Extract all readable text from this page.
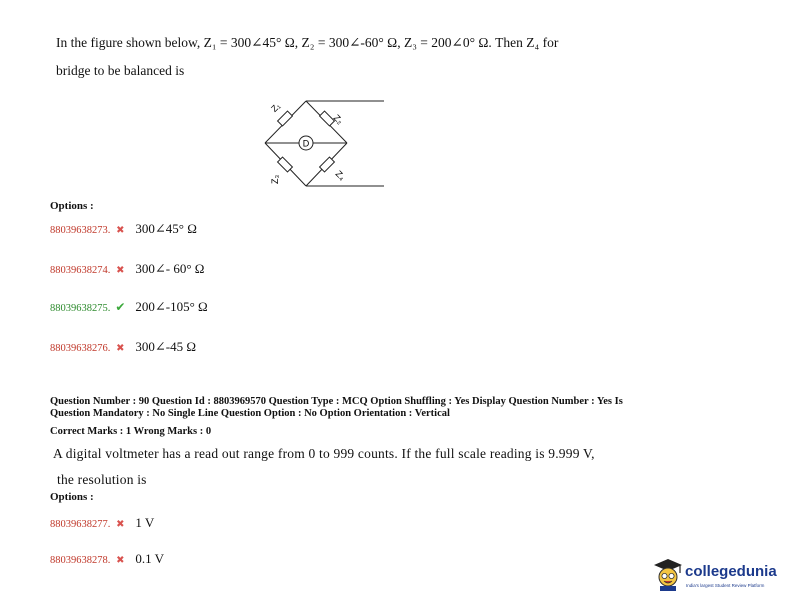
In the figure shown below, Z₁ = 300∠45° Ω, Z₂ = 300∠-60° Ω, Z₃ = 200∠0° Ω. Then Z₄ for
bridge to be balanced is
D
Z₁
Z₂
Z₃	Z₄
Options :
88039638273. ✖ 300∠45° Ω
88039638274. ✖ 300∠- 60° Ω
88039638275. ✔ 200∠-105° Ω
88039638276. ✖ 300∠-45 Ω
Question Number : 90 Question Id : 8803969570 Question Type : MCQ Option Shuffling : Yes Display Question Number : Yes Is
Question Mandatory : No Single Line Question Option : No Option Orientation : Vertical
Correct Marks : 1 Wrong Marks : 0
A digital voltmeter has a read out range from 0 to 999 counts. If the full scale reading is 9.999 V,
the resolution is
Options :
88039638277. ✖ 1 V
88039638278. ✖ 0.1 V
collegedunia
India's largest Student Review Platform
